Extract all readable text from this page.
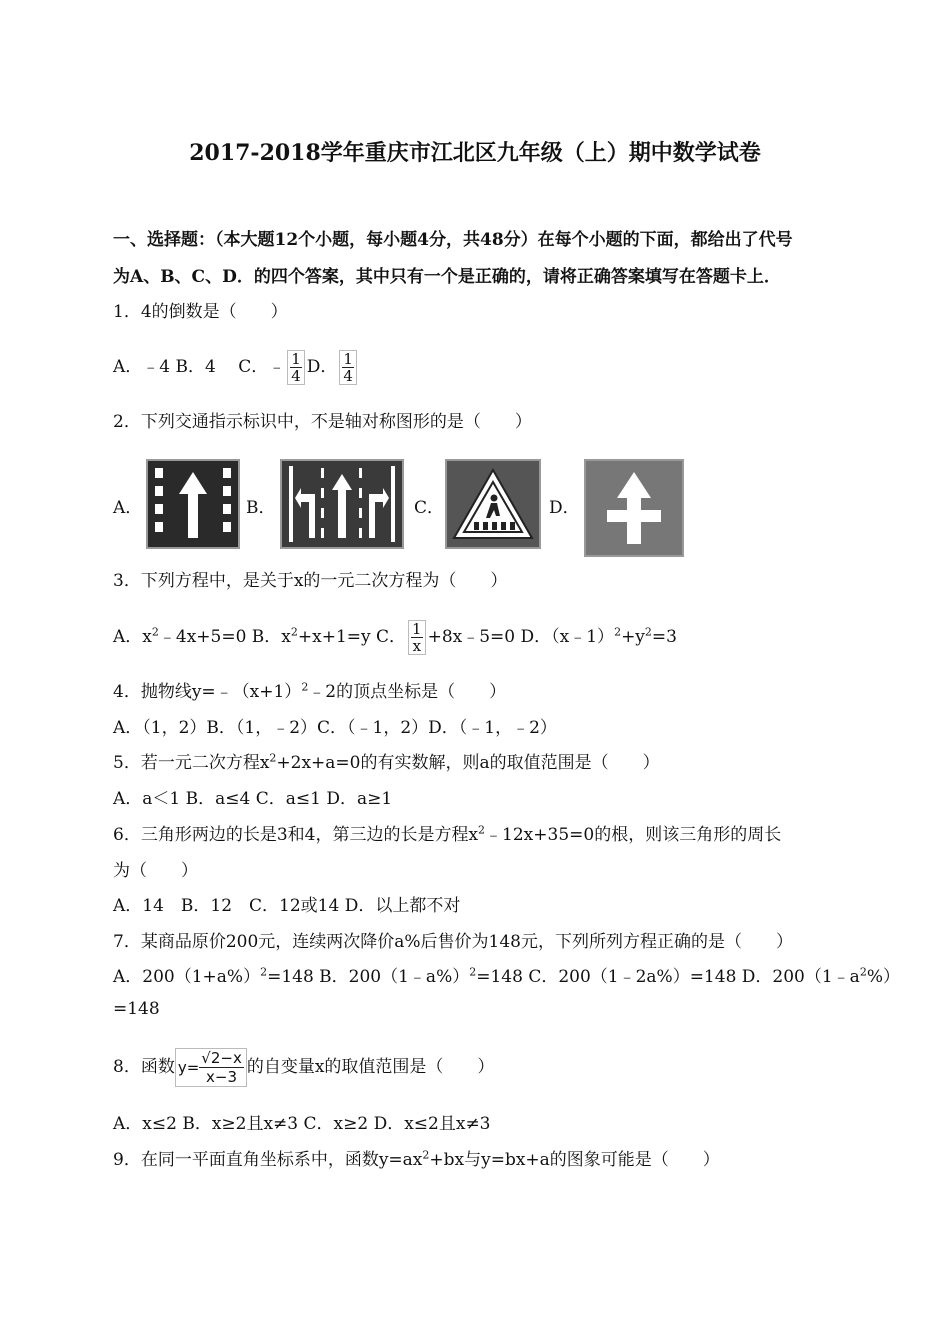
2017-2018学年重庆市江北区九年级（上）期中数学试卷
一、选择题：（本大题12个小题，每小题4分，共48分）在每个小题的下面，都给出了代号
为A、B、C、D．的四个答案，其中只有一个是正确的，请将正确答案填写在答题卡上．
1．4的倒数是（　　）
A．﹣4 B．4　 C．﹣ $\frac{1}{4}$ D． $\frac{1}{4}$
2．下列交通指示标识中，不是轴对称图形的是（　　）
A．	B．	C．	D．
3．下列方程中，是关于x的一元二次方程为（　　）
A．$x^2﹣4x+5=0$ B．$x^2+x+1=y$ C． $\frac{1}{x}$ +8x﹣5=0 D．$(x﹣1)^2+y^2=3$
4．抛物线$y=﹣(x+1)^2﹣2$的顶点坐标是（　　）
A．（1，2）B．（1，﹣2）C．（﹣1，2）D．（﹣1，﹣2）
5．若一元二次方程$x^2+2x+a=0$的有实数解，则a的取值范围是（　　）
A．a＜1 B．a≤4 C．a≤1 D．a≥1
6．三角形两边的长是3和4，第三边的长是方程$x^2﹣12x+35=0$的根，则该三角形的周长
为（　　）
A．14　B．12　C．12或14 D．以上都不对
7．某商品原价200元，连续两次降价a%后售价为148元，下列所列方程正确的是（　　）
A．$200(1+a\%)^2=148$ B．200（1﹣a%）$^2$=148 C．200（1﹣2a%）=148 D．$200(1﹣a^2\%)$
=148
8．函数 $y= \frac{√2-x}{x-3}$ 的自变量x的取值范围是（　　）
A．x≤2 B．x≥2且x≠3 C．x≥2 D．x≤2且x≠3
9．在同一平面直角坐标系中，函数$y=ax^2+bx$与y=bx+a的图象可能是（　　）
